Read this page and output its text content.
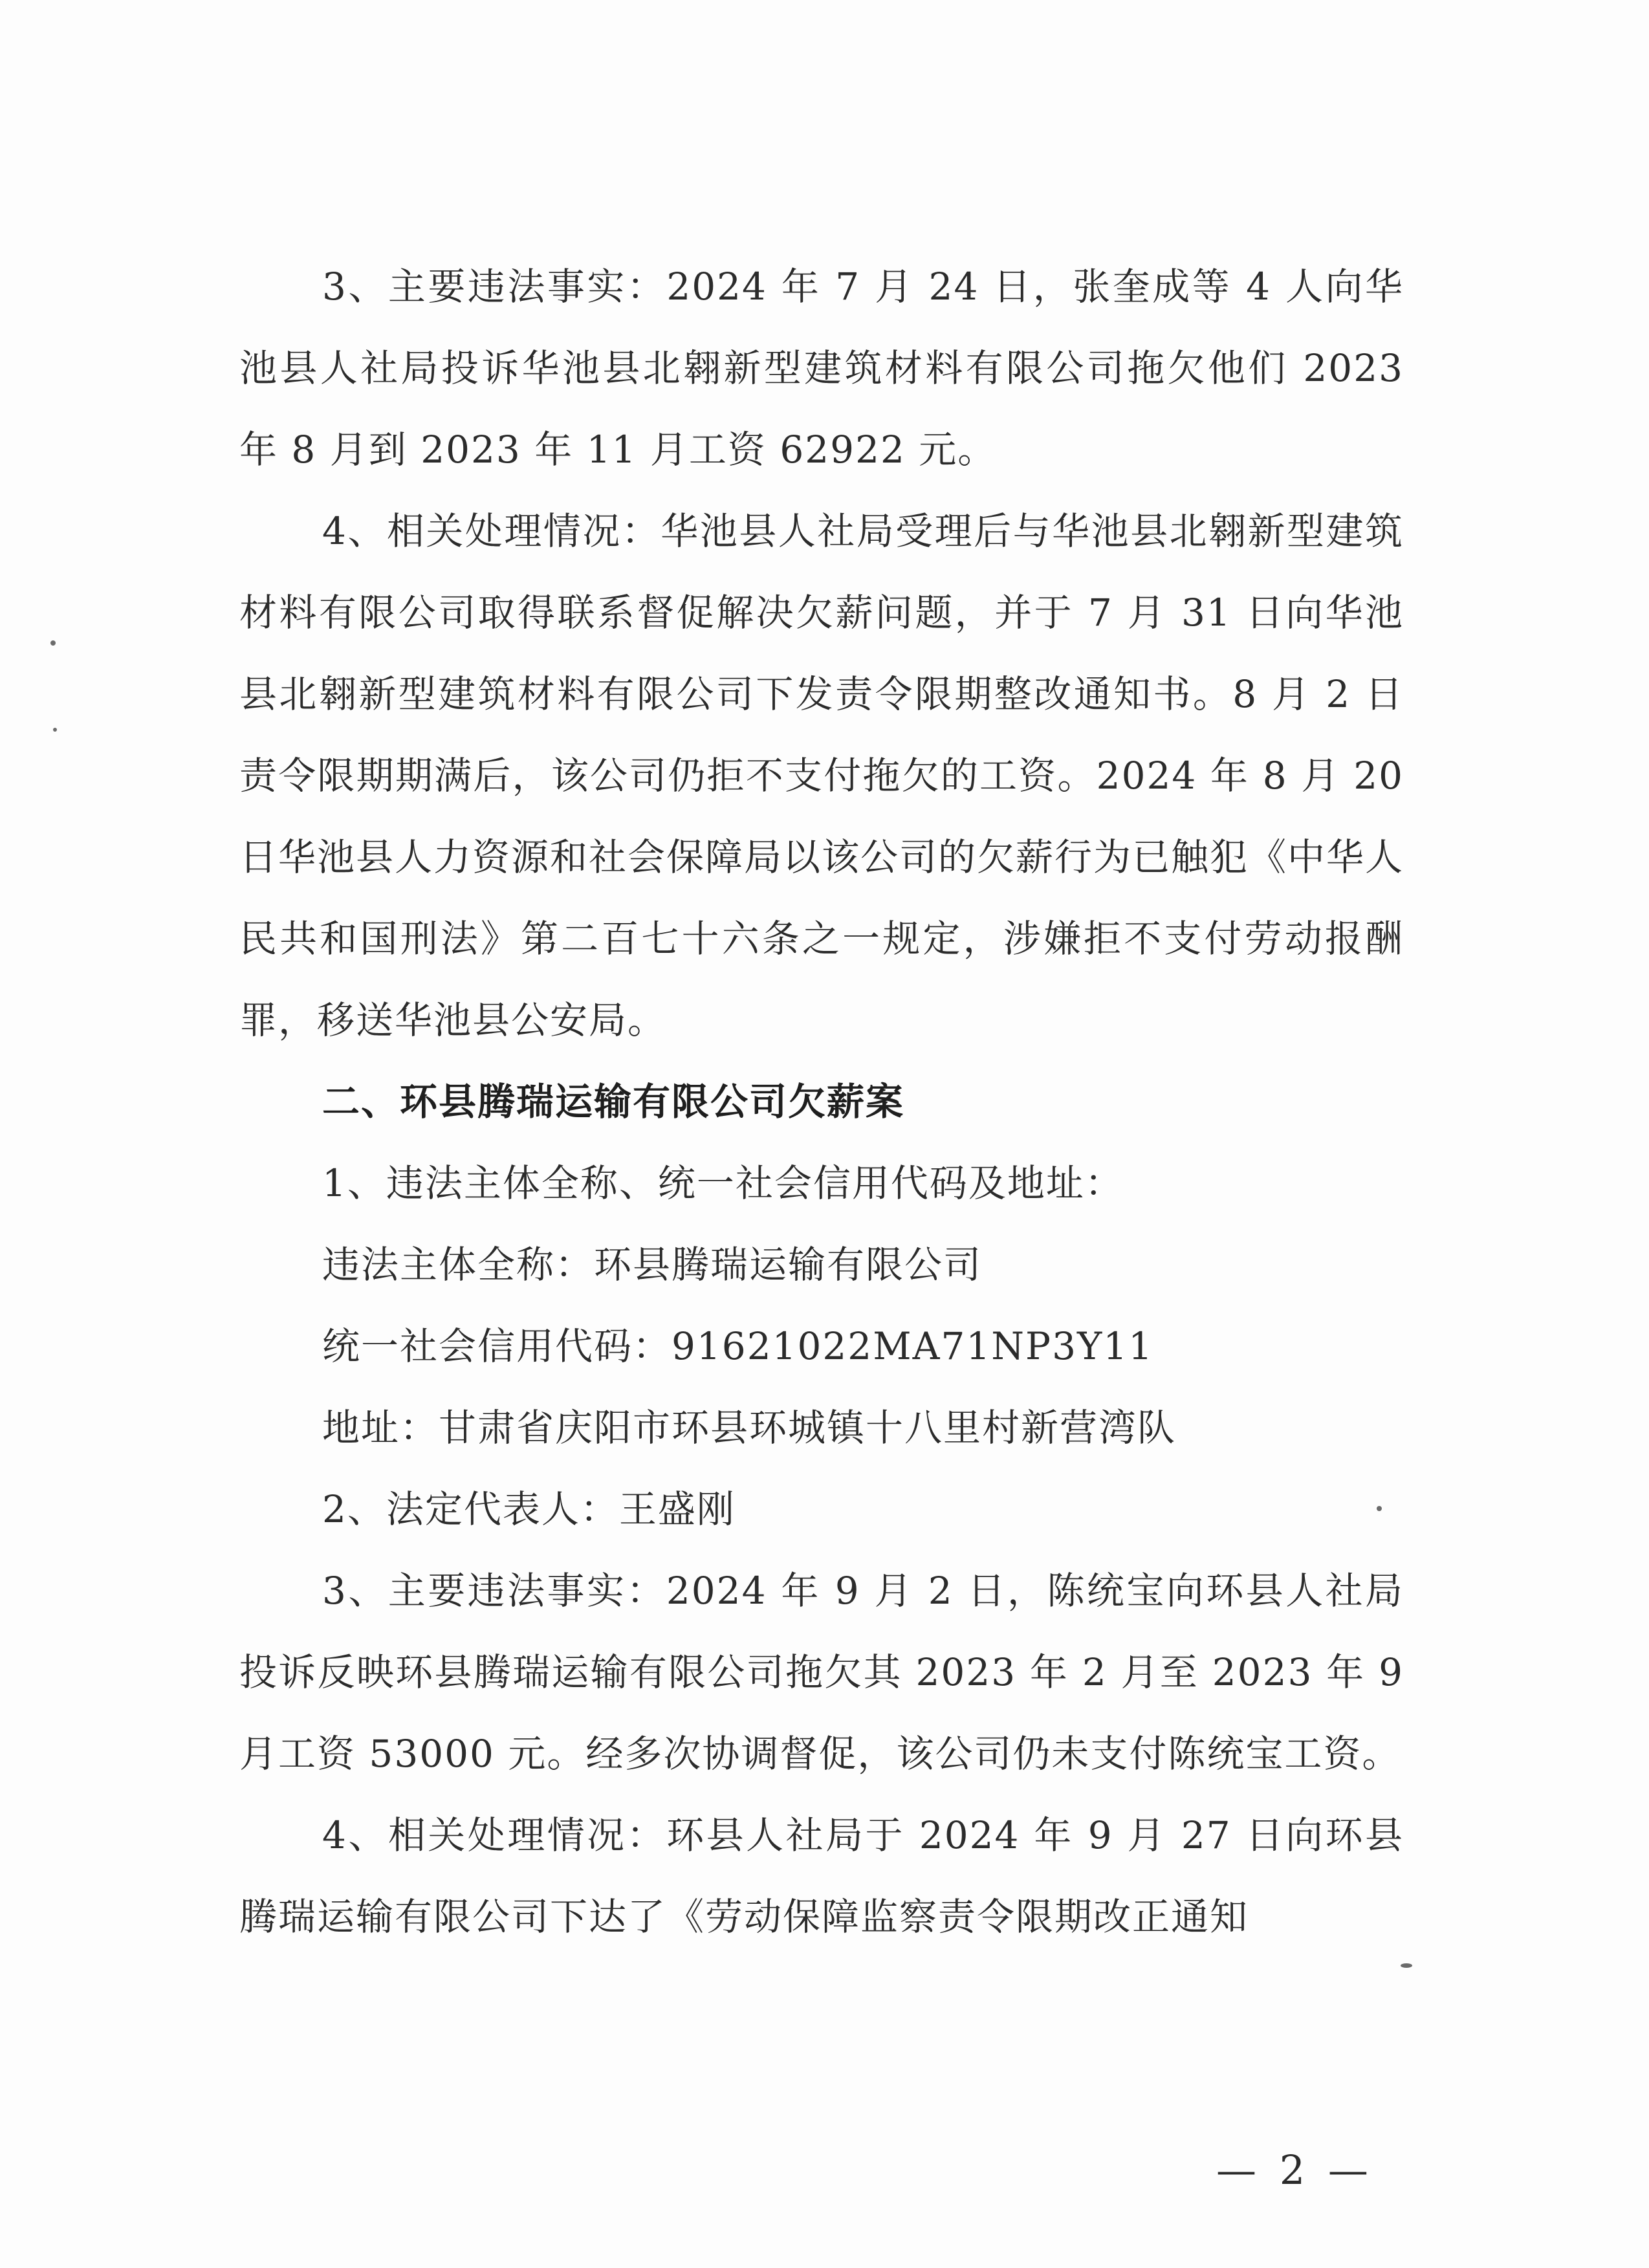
3、主要违法事实：2024 年 7 月 24 日，张奎成等 4 人向华池县人社局投诉华池县北翱新型建筑材料有限公司拖欠他们 2023 年 8 月到 2023 年 11 月工资 62922 元。

4、相关处理情况：华池县人社局受理后与华池县北翱新型建筑材料有限公司取得联系督促解决欠薪问题，并于 7 月 31 日向华池县北翱新型建筑材料有限公司下发责令限期整改通知书。8 月 2 日责令限期期满后，该公司仍拒不支付拖欠的工资。2024 年 8 月 20 日华池县人力资源和社会保障局以该公司的欠薪行为已触犯《中华人民共和国刑法》第二百七十六条之一规定，涉嫌拒不支付劳动报酬罪，移送华池县公安局。

二、环县腾瑞运输有限公司欠薪案

1、违法主体全称、统一社会信用代码及地址：

违法主体全称：环县腾瑞运输有限公司

统一社会信用代码：91621022MA71NP3Y11

地址：甘肃省庆阳市环县环城镇十八里村新营湾队

2、法定代表人：王盛刚

3、主要违法事实：2024 年 9 月 2 日，陈统宝向环县人社局投诉反映环县腾瑞运输有限公司拖欠其 2023 年 2 月至 2023 年 9 月工资 53000 元。经多次协调督促，该公司仍未支付陈统宝工资。

4、相关处理情况：环县人社局于 2024 年 9 月 27 日向环县腾瑞运输有限公司下达了《劳动保障监察责令限期改正通知

— 2 —
